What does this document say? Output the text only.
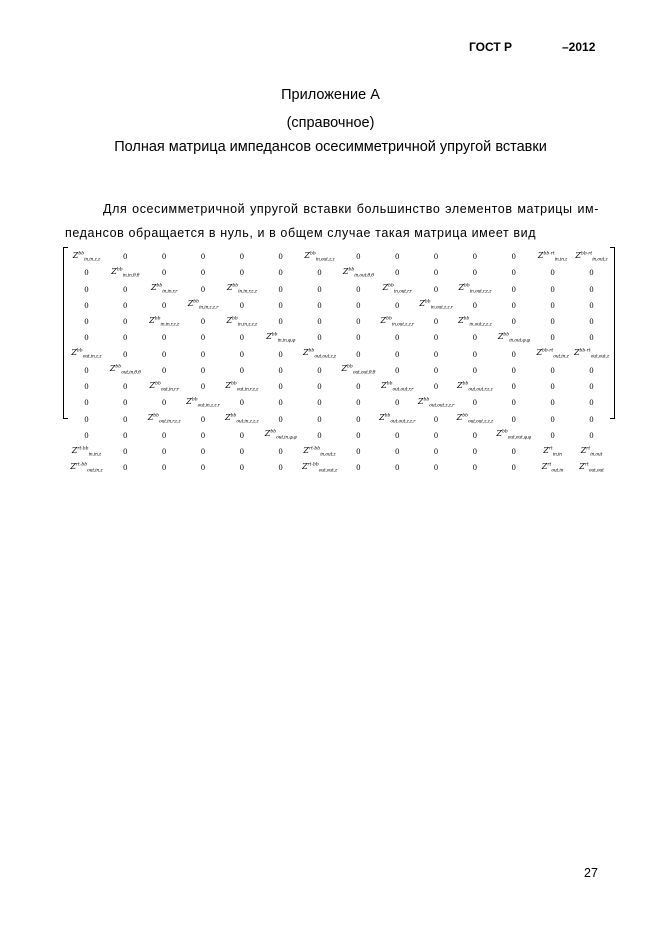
ГОСТ Р	–2012
Приложение А
(справочное)
Полная матрица импедансов осесимметричной упругой вставки
Для осесимметричной упругой вставки большинство элементов матрицы им-
педансов обращается в нуль, и в общем случае такая матрица имеет вид
$Z^{bb}_{in,in,z,z}$	0	0	0	0	0	$Z^{bb}_{in,out,z,z}$	0	0	0	0	0	$Z^{bb-rt}_{in,in,z}$	$Z^{bb-rt}_{in,out,z}$
0	$Z^{bb}_{in,in,\theta,\theta}$	0	0	0	0	0	$Z^{bb}_{in,out,\theta,\theta}$	0	0	0	0	0	0
0	0	$Z^{bb}_{in,in,r,r}$	0	$Z^{bb}_{in,in,r,z,z}$	0	0	0	$Z^{bb}_{in,out,r,r}$	0	$Z^{bb}_{in,out,r,z,z}$	0	0	0
0	0	0	$Z^{bb}_{in,in,z,z,r}$	0	0	0	0	0	$Z^{bb}_{in,out,z,z,r}$	0	0	0	0
0	0	$Z^{bb}_{in,in,r,z,z}$	0	$Z^{bb}_{in,in,z,z,z}$	0	0	0	$Z^{bb}_{in,out,z,z,r}$	0	$Z^{bb}_{in,out,z,z,z}$	0	0	0
0	0	0	0	0	$Z^{bb}_{in,in,\varphi,\varphi}$	0	0	0	0	0	$Z^{bb}_{in,out,\varphi,\varphi}$	0	0
$Z^{bb}_{out,in,z,z}$	0	0	0	0	0	$Z^{bb}_{out,out,z,z}$	0	0	0	0	0	$Z^{bb-rt}_{out,in,z}$	$Z^{bb-rt}_{out,out,z}$
0	$Z^{bb}_{out,in,\theta,\theta}$	0	0	0	0	0	$Z^{bb}_{out,out,\theta,\theta}$	0	0	0	0	0	0
0	0	$Z^{bb}_{out,in,r,r}$	0	$Z^{bb}_{out,in,r,z,z}$	0	0	0	$Z^{bb}_{out,out,r,r}$	0	$Z^{bb}_{out,out,r,z,z}$	0	0	0
0	0	0	$Z^{bb}_{out,in,z,z,r}$	0	0	0	0	0	$Z^{bb}_{out,out,z,z,r}$	0	0	0	0
0	0	$Z^{bb}_{out,in,r,z,z}$	0	$Z^{bb}_{out,in,z,z,z}$	0	0	0	$Z^{bb}_{out,out,z,z,r}$	0	$Z^{bb}_{out,out,z,z,z}$	0	0	0
0	0	0	0	0	$Z^{bb}_{out,in,\varphi,\varphi}$	0	0	0	0	0	$Z^{bb}_{out,out,\varphi,\varphi}$	0	0
$Z^{rt-bb}_{in,in,z}$	0	0	0	0	0	$Z^{rt-bb}_{in,out,z}$	0	0	0	0	0	$Z^{rt}_{in,in}$	$Z^{rt}_{in,out}$
$Z^{rt-bb}_{out,in,z}$	0	0	0	0	0	$Z^{rt-bb}_{out,out,z}$	0	0	0	0	0	$Z^{rt}_{out,in}$	$Z^{rt}_{out,out}$
27
